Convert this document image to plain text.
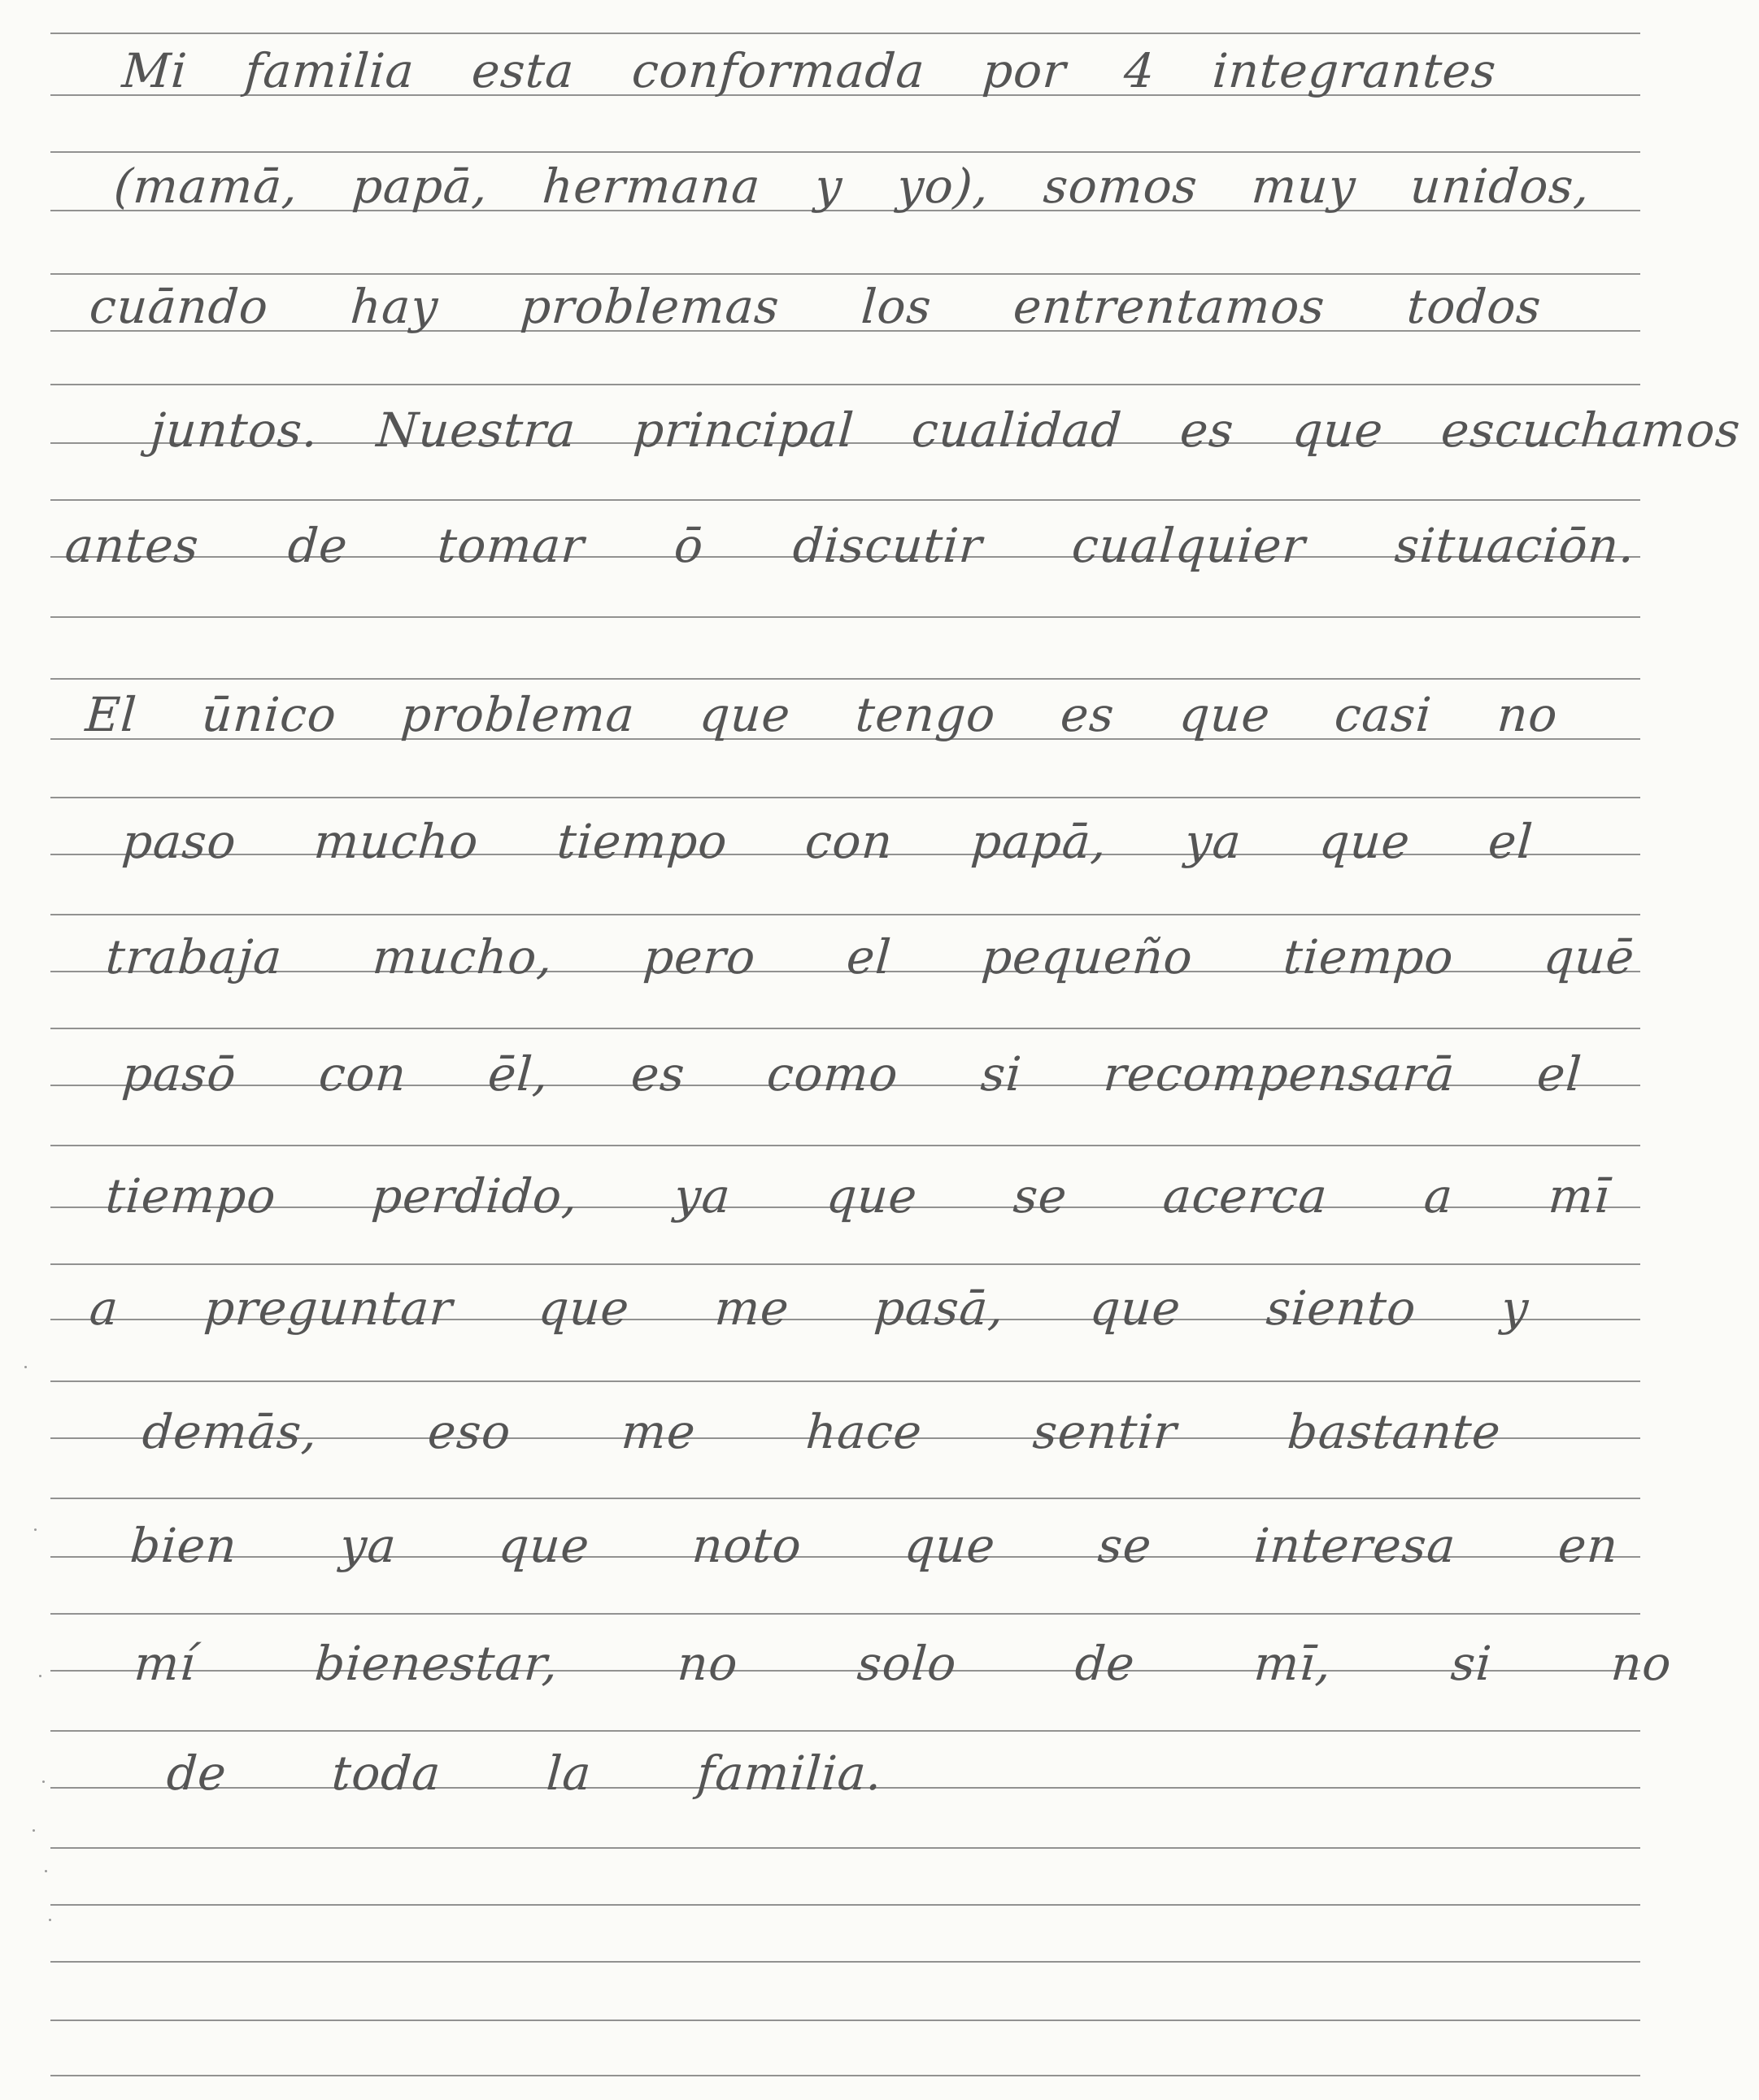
Mi familia esta conformada por 4 integrantes
(mamā, papā, hermana y yo), somos muy unidos,
cuāndo hay problemas los entrentamos todos
juntos. Nuestra principal cualidad es que escuchamos
antes de tomar ō discutir cualquier situaciōn.
El ūnico problema que tengo es que casi no
paso mucho tiempo con papā, ya que el
trabaja mucho, pero el pequeño tiempo quē
pasō con ēl, es como si recompensarā el
tiempo perdido, ya que se acerca a mī
a preguntar que me pasā, que siento y
demās, eso me hace sentir bastante
bien ya que noto que se interesa en
mí bienestar, no solo de mī, si no
de toda la familia.
